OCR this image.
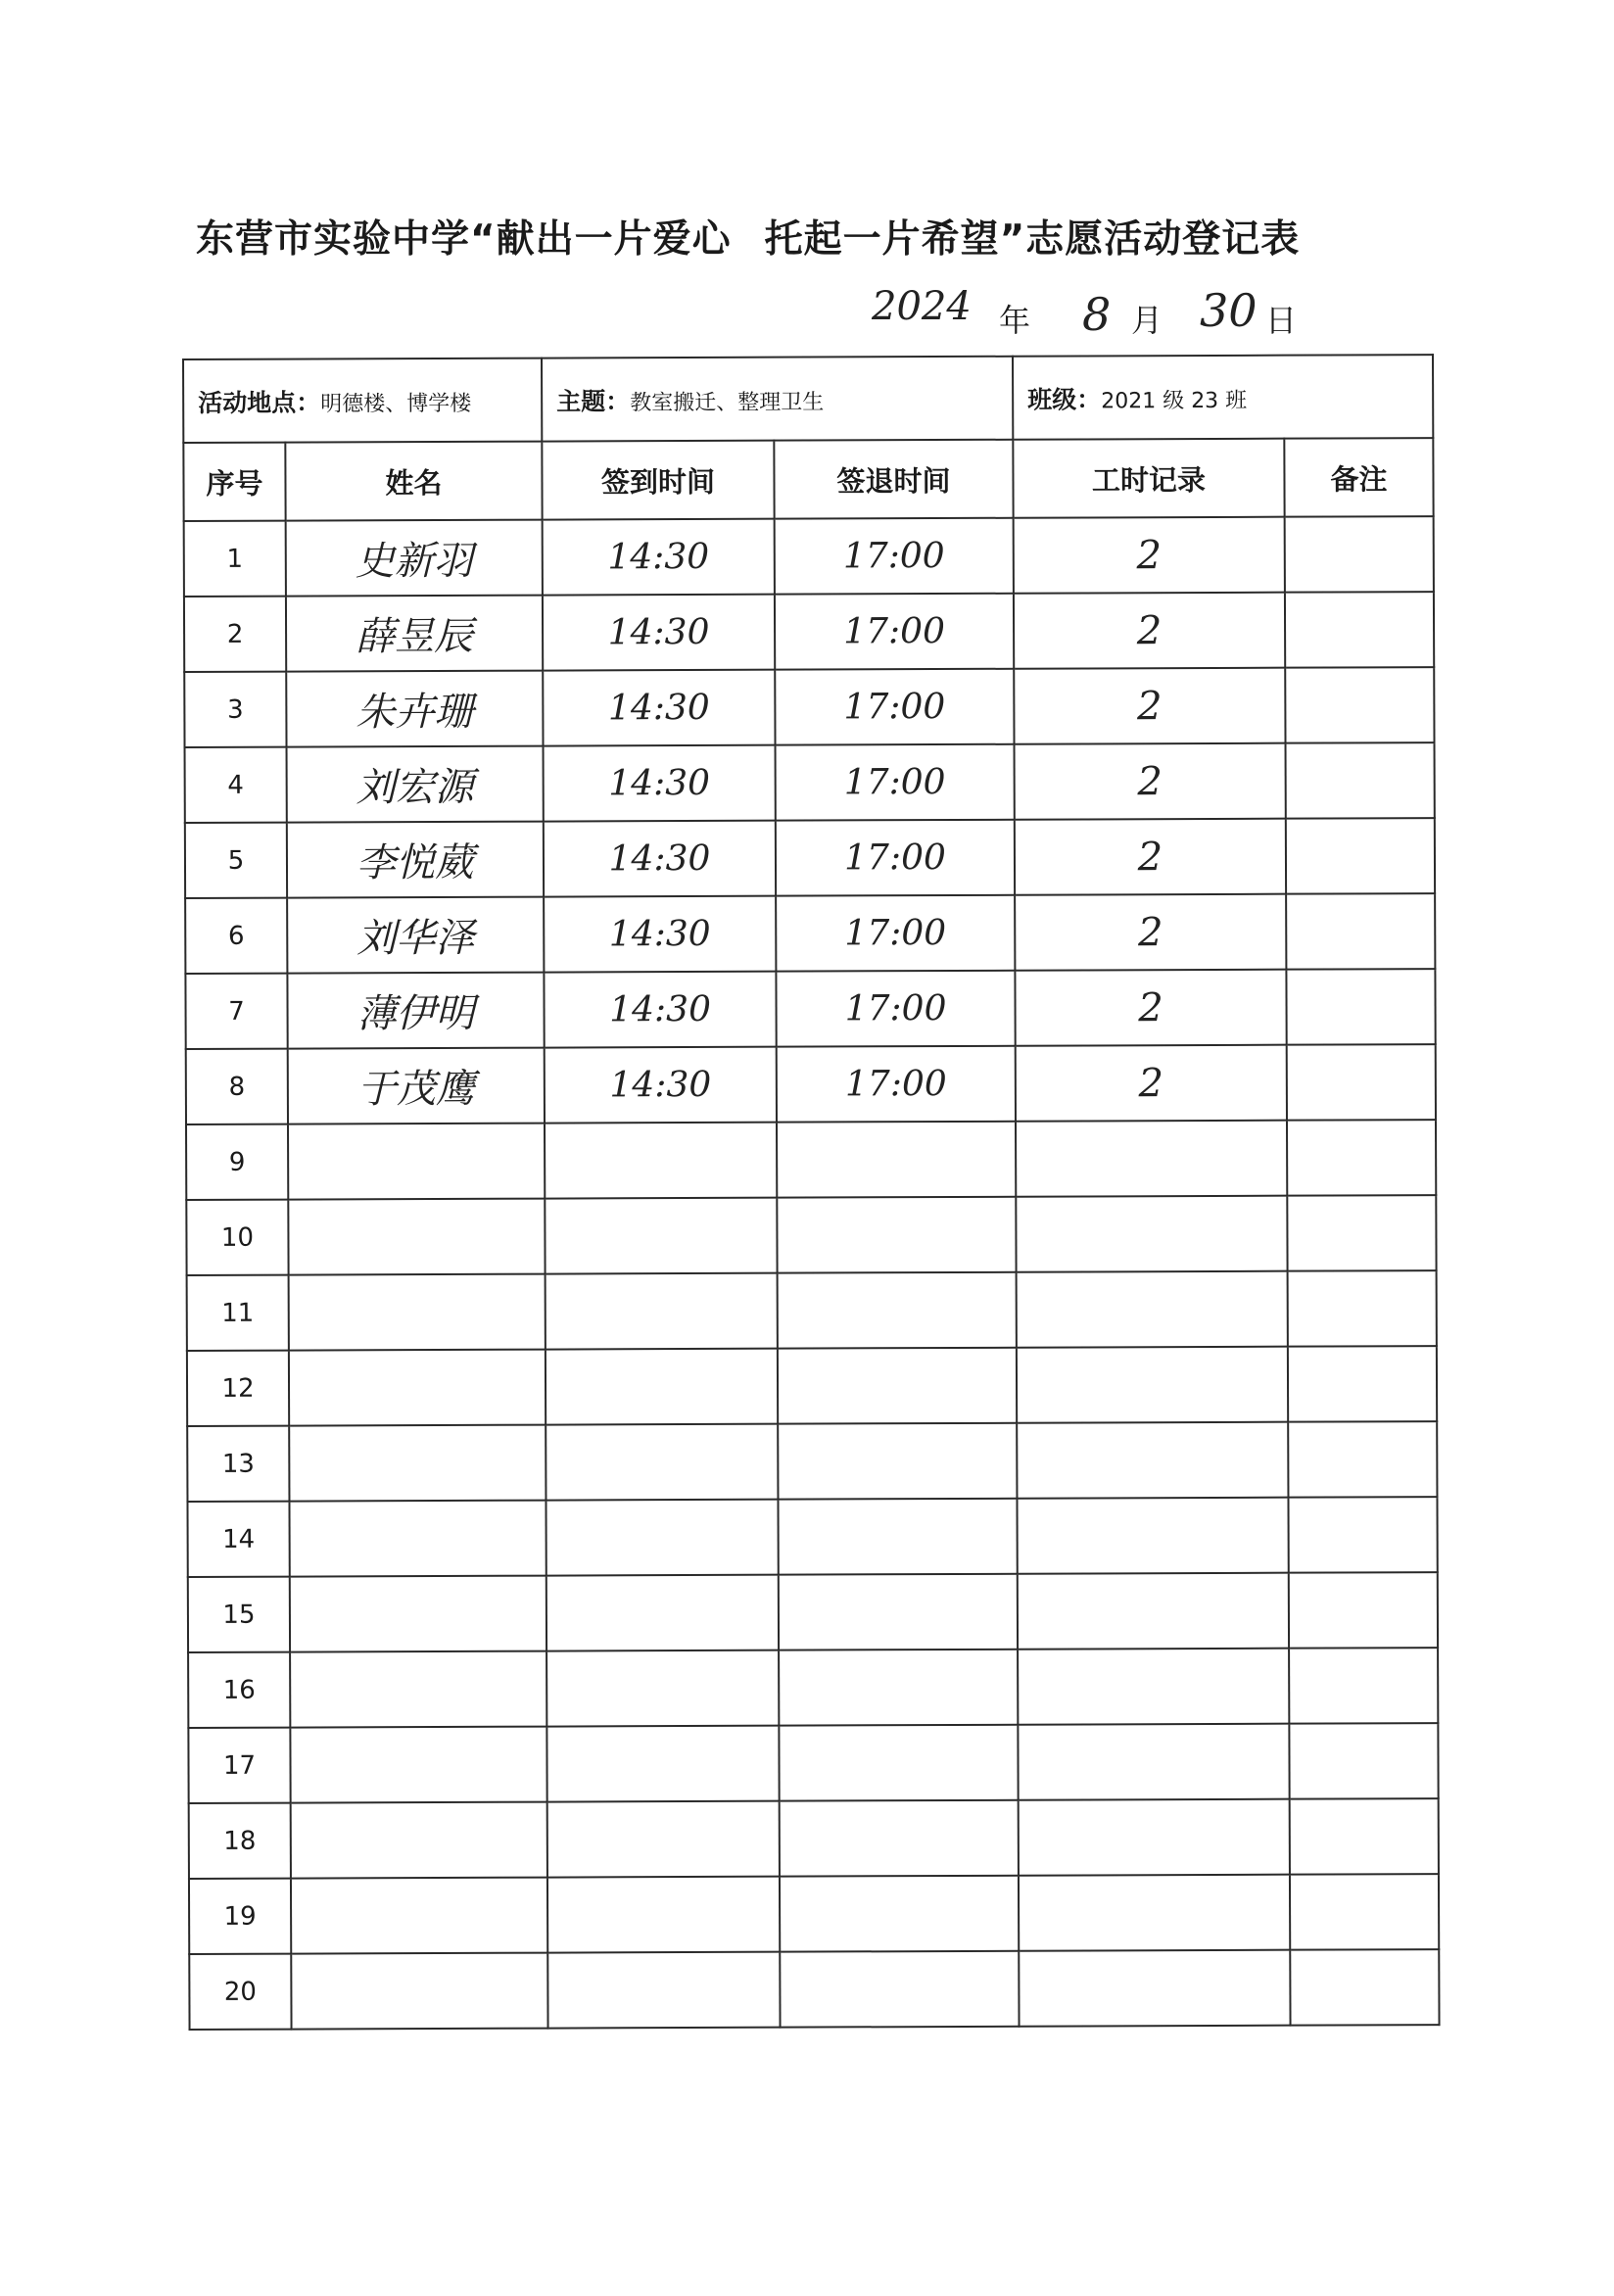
东营市实验中学“献出一片爱心 托起一片希望”志愿活动登记表
2024 年 8 月 30 日
活动地点：明德楼、博学楼		主题：教室搬迁、整理卫生		班级：2021 级 23 班	
序号	姓名	签到时间	签退时间	工时记录	备注
1	史新羽	14:30	17:00	2	
2	薛昱辰	14:30	17:00	2	
3	朱卉珊	14:30	17:00	2	
4	刘宏源	14:30	17:00	2	
5	李悦葳	14:30	17:00	2	
6	刘华泽	14:30	17:00	2	
7	薄伊明	14:30	17:00	2	
8	于茂鹰	14:30	17:00	2	
9					
10					
11					
12					
13					
14					
15					
16					
17					
18					
19					
20					
